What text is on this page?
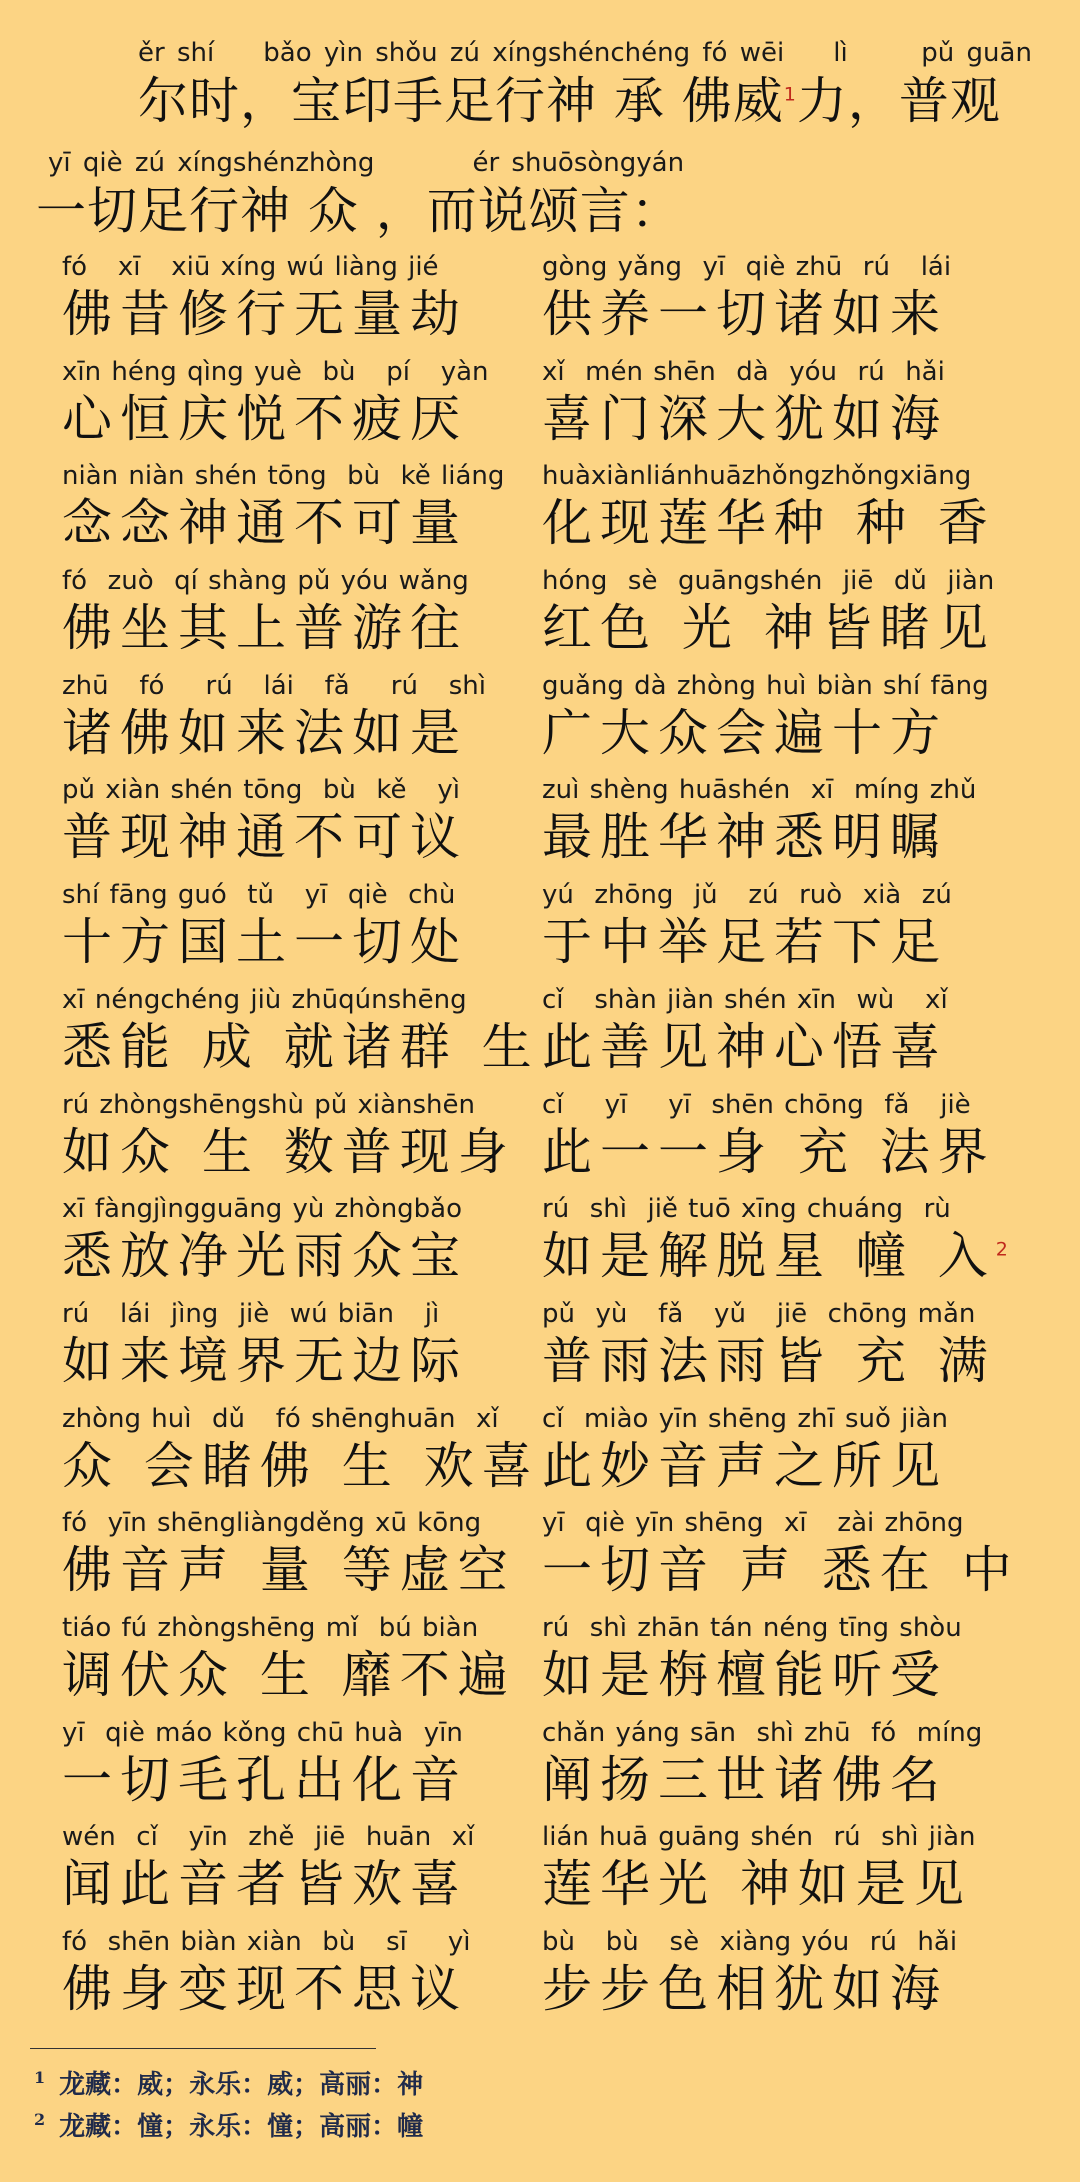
ěr shí    bǎo yìn shǒu zú xíngshénchéng fó wēi    lì      pǔ guān
尔时，宝印手足行神 承 佛威$^1$力，普观
yī qiè zú xíngshénzhòng        ér shuōsòngyán
一切足行神 众 ，而说颂言：
fó   xī   xiū xíng wú liàng jié
佛昔修行无量劫
gòng yǎng  yī  qiè zhū  rú   lái
供养一切诸如来
xīn héng qìng yuè  bù   pí   yàn
心恒庆悦不疲厌
xǐ  mén shēn  dà  yóu  rú  hǎi
喜门深大犹如海
niàn niàn shén tōng  bù  kě liáng
念念神通不可量
huàxiànliánhuāzhǒngzhǒngxiāng
化现莲华种 种 香
fó  zuò  qí shàng pǔ yóu wǎng
佛坐其上普游往
hóng  sè  guāngshén  jiē  dǔ  jiàn
红色 光 神皆睹见
zhū   fó    rú   lái   fǎ    rú   shì
诸佛如来法如是
guǎng dà zhòng huì biàn shí fāng
广大众会遍十方
pǔ xiàn shén tōng  bù  kě   yì
普现神通不可议
zuì shèng huāshén  xī  míng zhǔ
最胜华神悉明瞩
shí fāng guó  tǔ   yī  qiè  chù
十方国土一切处
yú  zhōng  jǔ   zú  ruò  xià  zú
于中举足若下足
xī néngchéng jiù zhūqúnshēng
悉能 成 就诸群 生
cǐ   shàn jiàn shén xīn  wù   xǐ
此善见神心悟喜
rú zhòngshēngshù pǔ xiànshēn
如众 生 数普现身
cǐ    yī    yī  shēn chōng  fǎ   jiè
此一一身 充 法界
xī fàngjìngguāng yù zhòngbǎo
悉放净光雨众宝
rú  shì  jiě tuō xīng chuáng  rù
如是解脱星 幢 入$^2$
rú   lái  jìng  jiè  wú biān   jì
如来境界无边际
pǔ  yù   fǎ   yǔ   jiē  chōng mǎn
普雨法雨皆 充 满
zhòng huì  dǔ   fó shēnghuān  xǐ
众 会睹佛 生 欢喜
cǐ  miào yīn shēng zhī suǒ jiàn
此妙音声之所见
fó  yīn shēngliàngděng xū kōng
佛音声 量 等虚空
yī  qiè yīn shēng  xī   zài zhōng
一切音 声 悉在 中
tiáo fú zhòngshēng mǐ  bú biàn
调伏众 生 靡不遍
rú  shì zhān tán néng tīng shòu
如是栴檀能听受
yī  qiè máo kǒng chū huà  yīn
一切毛孔出化音
chǎn yáng sān  shì zhū  fó  míng
阐扬三世诸佛名
wén  cǐ   yīn  zhě  jiē  huān  xǐ
闻此音者皆欢喜
lián huā guāng shén  rú  shì jiàn
莲华光 神如是见
fó  shēn biàn xiàn  bù   sī    yì
佛身变现不思议
bù   bù   sè  xiàng yóu  rú  hǎi
步步色相犹如海
$^1$ 龙藏：威；永乐：威；高丽：神
$^2$ 龙藏：憧；永乐：憧；高丽：幢
